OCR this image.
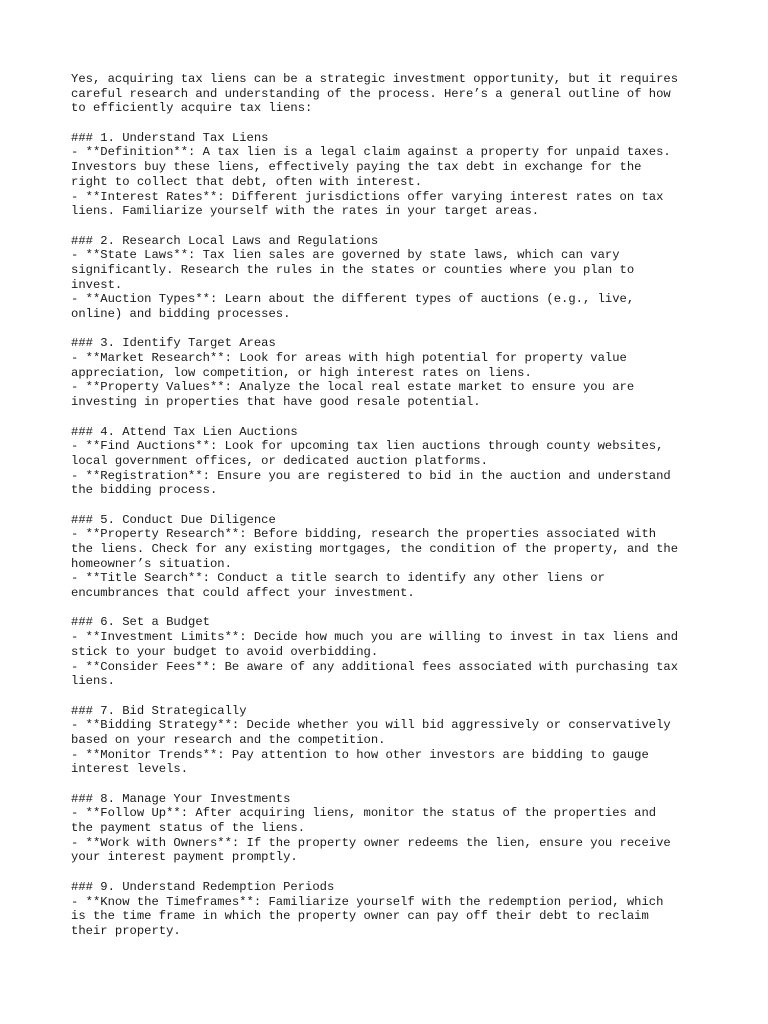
Yes, acquiring tax liens can be a strategic investment opportunity, but it requires
careful research and understanding of the process. Here’s a general outline of how
to efficiently acquire tax liens:
### 1. Understand Tax Liens
- **Definition**: A tax lien is a legal claim against a property for unpaid taxes.
Investors buy these liens, effectively paying the tax debt in exchange for the
right to collect that debt, often with interest.
- **Interest Rates**: Different jurisdictions offer varying interest rates on tax
liens. Familiarize yourself with the rates in your target areas.
### 2. Research Local Laws and Regulations
- **State Laws**: Tax lien sales are governed by state laws, which can vary
significantly. Research the rules in the states or counties where you plan to
invest.
- **Auction Types**: Learn about the different types of auctions (e.g., live,
online) and bidding processes.
### 3. Identify Target Areas
- **Market Research**: Look for areas with high potential for property value
appreciation, low competition, or high interest rates on liens.
- **Property Values**: Analyze the local real estate market to ensure you are
investing in properties that have good resale potential.
### 4. Attend Tax Lien Auctions
- **Find Auctions**: Look for upcoming tax lien auctions through county websites,
local government offices, or dedicated auction platforms.
- **Registration**: Ensure you are registered to bid in the auction and understand
the bidding process.
### 5. Conduct Due Diligence
- **Property Research**: Before bidding, research the properties associated with
the liens. Check for any existing mortgages, the condition of the property, and the
homeowner’s situation.
- **Title Search**: Conduct a title search to identify any other liens or
encumbrances that could affect your investment.
### 6. Set a Budget
- **Investment Limits**: Decide how much you are willing to invest in tax liens and
stick to your budget to avoid overbidding.
- **Consider Fees**: Be aware of any additional fees associated with purchasing tax
liens.
### 7. Bid Strategically
- **Bidding Strategy**: Decide whether you will bid aggressively or conservatively
based on your research and the competition.
- **Monitor Trends**: Pay attention to how other investors are bidding to gauge
interest levels.
### 8. Manage Your Investments
- **Follow Up**: After acquiring liens, monitor the status of the properties and
the payment status of the liens.
- **Work with Owners**: If the property owner redeems the lien, ensure you receive
your interest payment promptly.
### 9. Understand Redemption Periods
- **Know the Timeframes**: Familiarize yourself with the redemption period, which
is the time frame in which the property owner can pay off their debt to reclaim
their property.
